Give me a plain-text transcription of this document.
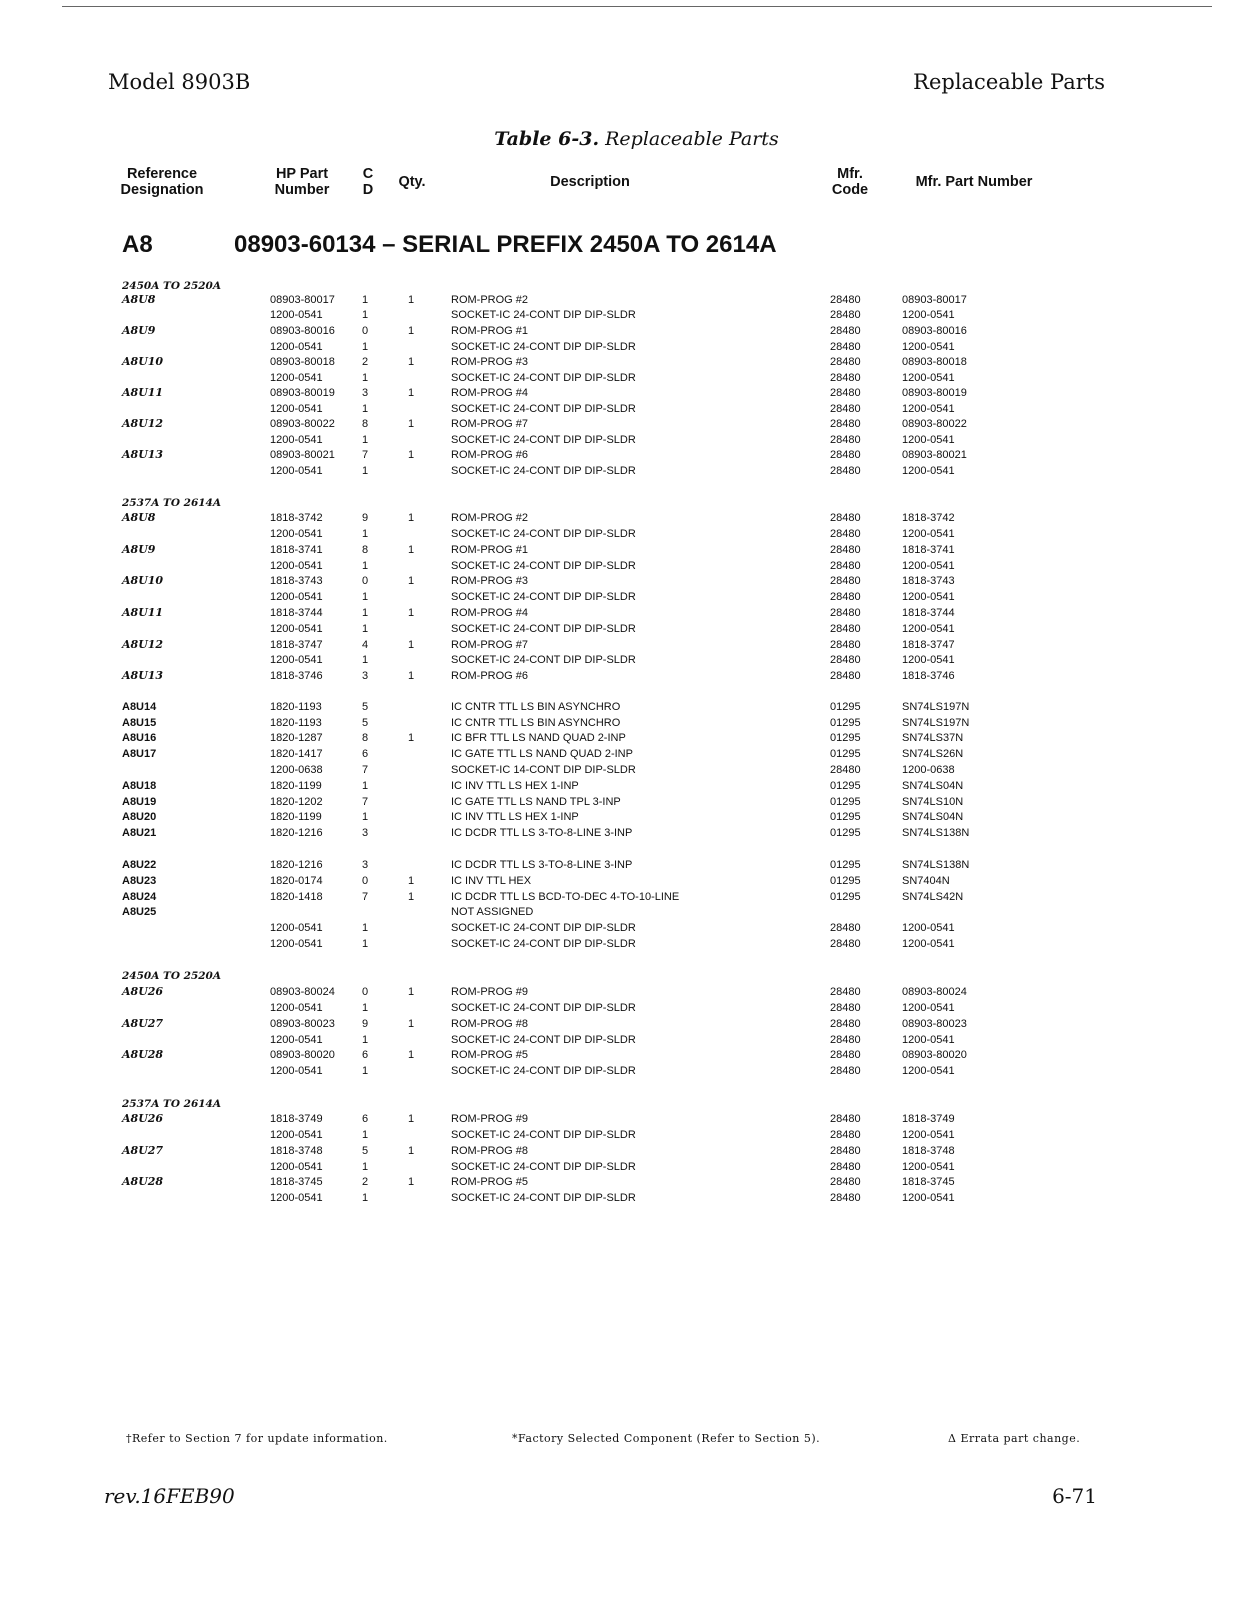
Model 8903B	Replaceable Parts
Table 6-3. Replaceable Parts
Reference
Designation
HP Part
Number
C
D	Qty.	Description	Mfr.
Code	Mfr. Part Number
A8	08903-60134 – SERIAL PREFIX 2450A TO 2614A
2450A TO 2520A
2537A TO 2614A
2450A TO 2520A
2537A TO 2614A
A8U8	08903-80017 1	1	ROM-PROG #2	28480	08903-80017
1200-0541	1	SOCKET-IC 24-CONT DIP DIP-SLDR	28480	1200-0541
A8U9	08903-80016 0	1	ROM-PROG #1	28480	08903-80016
1200-0541	1	SOCKET-IC 24-CONT DIP DIP-SLDR	28480	1200-0541
A8U10	08903-80018 2	1	ROM-PROG #3	28480	08903-80018
1200-0541	1	SOCKET-IC 24-CONT DIP DIP-SLDR	28480	1200-0541
A8U11	08903-80019 3	1	ROM-PROG #4	28480	08903-80019
1200-0541	1	SOCKET-IC 24-CONT DIP DIP-SLDR	28480	1200-0541
A8U12	08903-80022 8	1	ROM-PROG #7	28480	08903-80022
1200-0541	1	SOCKET-IC 24-CONT DIP DIP-SLDR	28480	1200-0541
A8U13	08903-80021 7	1	ROM-PROG #6	28480	08903-80021
1200-0541	1	SOCKET-IC 24-CONT DIP DIP-SLDR	28480	1200-0541
A8U8	1818-3742	9	1	ROM-PROG #2	28480	1818-3742
1200-0541	1	SOCKET-IC 24-CONT DIP DIP-SLDR	28480	1200-0541
A8U9	1818-3741	8	1	ROM-PROG #1	28480	1818-3741
1200-0541	1	SOCKET-IC 24-CONT DIP DIP-SLDR	28480	1200-0541
A8U10	1818-3743	0	1	ROM-PROG #3	28480	1818-3743
1200-0541	1	SOCKET-IC 24-CONT DIP DIP-SLDR	28480	1200-0541
A8U11	1818-3744	1	1	ROM-PROG #4	28480	1818-3744
1200-0541	1	SOCKET-IC 24-CONT DIP DIP-SLDR	28480	1200-0541
A8U12	1818-3747	4	1	ROM-PROG #7	28480	1818-3747
1200-0541	1	SOCKET-IC 24-CONT DIP DIP-SLDR	28480	1200-0541
A8U13	1818-3746	3	1	ROM-PROG #6	28480	1818-3746
A8U14	1820-1193	5	IC CNTR TTL LS BIN ASYNCHRO	01295	SN74LS197N
A8U15	1820-1193	5	IC CNTR TTL LS BIN ASYNCHRO	01295	SN74LS197N
A8U16	1820-1287	8	1	IC BFR TTL LS NAND QUAD 2-INP	01295	SN74LS37N
A8U17	1820-1417	6	IC GATE TTL LS NAND QUAD 2-INP	01295	SN74LS26N
1200-0638	7	SOCKET-IC 14-CONT DIP DIP-SLDR	28480	1200-0638
A8U18	1820-1199	1	IC INV TTL LS HEX 1-INP	01295	SN74LS04N
A8U19	1820-1202	7	IC GATE TTL LS NAND TPL 3-INP	01295	SN74LS10N
A8U20	1820-1199	1	IC INV TTL LS HEX 1-INP	01295	SN74LS04N
A8U21	1820-1216	3	IC DCDR TTL LS 3-TO-8-LINE 3-INP	01295	SN74LS138N
A8U22	1820-1216	3	IC DCDR TTL LS 3-TO-8-LINE 3-INP	01295	SN74LS138N
A8U23	1820-0174	0	1	IC INV TTL HEX	01295	SN7404N
A8U24	1820-1418	7	1	IC DCDR TTL LS BCD-TO-DEC 4-TO-10-LINE	01295	SN74LS42N
A8U25	NOT ASSIGNED
1200-0541	1	SOCKET-IC 24-CONT DIP DIP-SLDR	28480	1200-0541
1200-0541	1	SOCKET-IC 24-CONT DIP DIP-SLDR	28480	1200-0541
A8U26	08903-80024 0	1	ROM-PROG #9	28480	08903-80024
1200-0541	1	SOCKET-IC 24-CONT DIP DIP-SLDR	28480	1200-0541
A8U27	08903-80023 9	1	ROM-PROG #8	28480	08903-80023
1200-0541	1	SOCKET-IC 24-CONT DIP DIP-SLDR	28480	1200-0541
A8U28	08903-80020 6	1	ROM-PROG #5	28480	08903-80020
1200-0541	1	SOCKET-IC 24-CONT DIP DIP-SLDR	28480	1200-0541
A8U26	1818-3749	6	1	ROM-PROG #9	28480	1818-3749
1200-0541	1	SOCKET-IC 24-CONT DIP DIP-SLDR	28480	1200-0541
A8U27	1818-3748	5	1	ROM-PROG #8	28480	1818-3748
1200-0541	1	SOCKET-IC 24-CONT DIP DIP-SLDR	28480	1200-0541
A8U28	1818-3745	2	1	ROM-PROG #5	28480	1818-3745
1200-0541	1	SOCKET-IC 24-CONT DIP DIP-SLDR	28480	1200-0541
†Refer to Section 7 for update information.	*Factory Selected Component (Refer to Section 5).	Δ Errata part change.
rev.16FEB90	6-71
